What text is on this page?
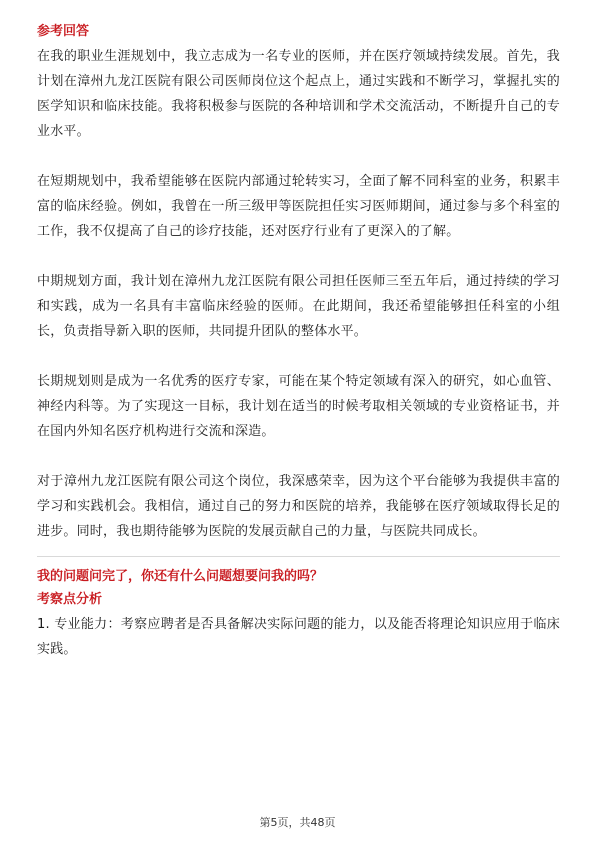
参考回答

在我的职业生涯规划中，我立志成为一名专业的医师，并在医疗领域持续发展。首先，我计划在漳州九龙江医院有限公司医师岗位这个起点上，通过实践和不断学习，掌握扎实的医学知识和临床技能。我将积极参与医院的各种培训和学术交流活动，不断提升自己的专业水平。

在短期规划中，我希望能够在医院内部通过轮转实习，全面了解不同科室的业务，积累丰富的临床经验。例如，我曾在一所三级甲等医院担任实习医师期间，通过参与多个科室的工作，我不仅提高了自己的诊疗技能，还对医疗行业有了更深入的了解。

中期规划方面，我计划在漳州九龙江医院有限公司担任医师三至五年后，通过持续的学习和实践，成为一名具有丰富临床经验的医师。在此期间，我还希望能够担任科室的小组长，负责指导新入职的医师，共同提升团队的整体水平。

长期规划则是成为一名优秀的医疗专家，可能在某个特定领域有深入的研究，如心血管、神经内科等。为了实现这一目标，我计划在适当的时候考取相关领域的专业资格证书，并在国内外知名医疗机构进行交流和深造。

对于漳州九龙江医院有限公司这个岗位，我深感荣幸，因为这个平台能够为我提供丰富的学习和实践机会。我相信，通过自己的努力和医院的培养，我能够在医疗领域取得长足的进步。同时，我也期待能够为医院的发展贡献自己的力量，与医院共同成长。

我的问题问完了，你还有什么问题想要问我的吗？

考察点分析

1. 专业能力：考察应聘者是否具备解决实际问题的能力，以及能否将理论知识应用于临床实践。

第5页，共48页
